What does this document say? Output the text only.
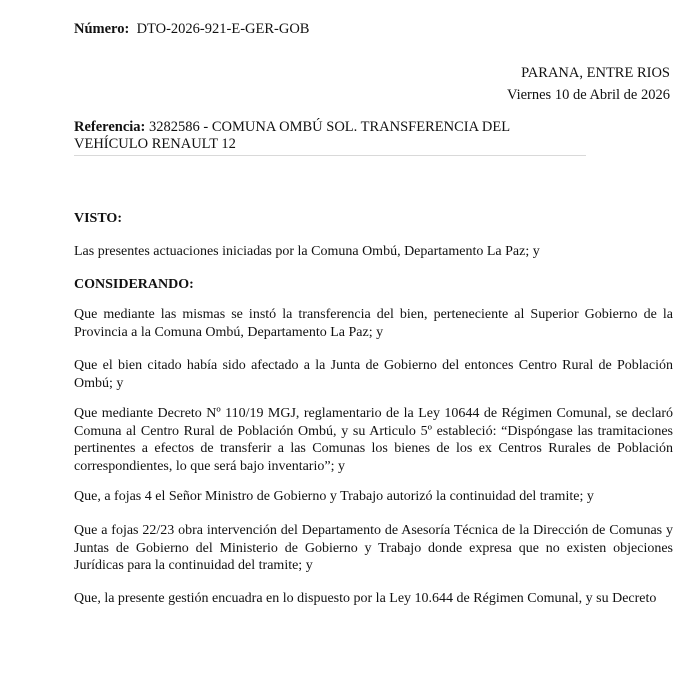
Número: DTO-2026-921-E-GER-GOB
PARANA, ENTRE RIOS
Viernes 10 de Abril de 2026
Referencia: 3282586 - COMUNA OMBÚ SOL. TRANSFERENCIA DEL VEHÍCULO RENAULT 12
VISTO:
Las presentes actuaciones iniciadas por la Comuna Ombú, Departamento La Paz; y
CONSIDERANDO:
Que mediante las mismas se instó la transferencia del bien, perteneciente al Superior Gobierno de la Provincia a la Comuna Ombú, Departamento La Paz; y
Que el bien citado había sido afectado a la Junta de Gobierno del entonces Centro Rural de Población Ombú; y
Que mediante Decreto Nº 110/19 MGJ, reglamentario de la Ley 10644 de Régimen Comunal, se declaró Comuna al Centro Rural de Población Ombú, y su Articulo 5º estableció: “Dispóngase las tramitaciones pertinentes a efectos de transferir a las Comunas los bienes de los ex Centros Rurales de Población correspondientes, lo que será bajo inventario”; y
Que, a fojas 4 el Señor Ministro de Gobierno y Trabajo autorizó la continuidad del tramite; y
Que a fojas 22/23 obra intervención del Departamento de Asesoría Técnica de la Dirección de Comunas y Juntas de Gobierno del Ministerio de Gobierno y Trabajo donde expresa que no existen objeciones Jurídicas para la continuidad del tramite; y
Que, la presente gestión encuadra en lo dispuesto por la Ley 10.644 de Régimen Comunal, y su Decreto
